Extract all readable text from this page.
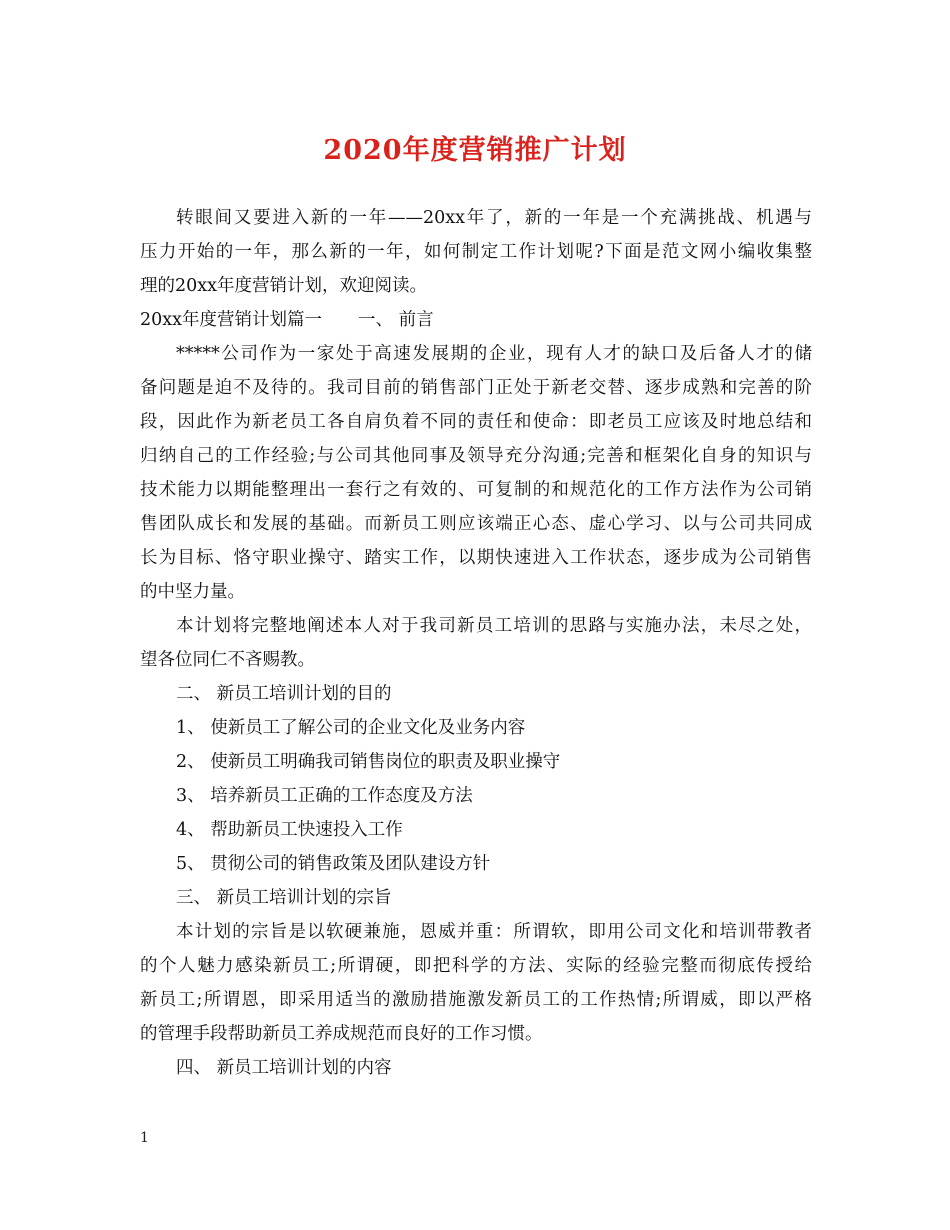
2020年度营销推广计划

转眼间又要进入新的一年——20xx年了，新的一年是一个充满挑战、机遇与

压力开始的一年，那么新的一年，如何制定工作计划呢?下面是范文网小编收集整

理的20xx年度营销计划，欢迎阅读。

20xx年度营销计划篇一 一、 前言

*****公司作为一家处于高速发展期的企业，现有人才的缺口及后备人才的储

备问题是迫不及待的。我司目前的销售部门正处于新老交替、逐步成熟和完善的阶

段，因此作为新老员工各自肩负着不同的责任和使命：即老员工应该及时地总结和

归纳自己的工作经验;与公司其他同事及领导充分沟通;完善和框架化自身的知识与

技术能力以期能整理出一套行之有效的、可复制的和规范化的工作方法作为公司销

售团队成长和发展的基础。而新员工则应该端正心态、虚心学习、以与公司共同成

长为目标、恪守职业操守、踏实工作，以期快速进入工作状态，逐步成为公司销售

的中坚力量。

本计划将完整地阐述本人对于我司新员工培训的思路与实施办法，未尽之处，

望各位同仁不吝赐教。

二、 新员工培训计划的目的

1、 使新员工了解公司的企业文化及业务内容

2、 使新员工明确我司销售岗位的职责及职业操守

3、 培养新员工正确的工作态度及方法

4、 帮助新员工快速投入工作

5、 贯彻公司的销售政策及团队建设方针

三、 新员工培训计划的宗旨

本计划的宗旨是以软硬兼施，恩威并重：所谓软，即用公司文化和培训带教者

的个人魅力感染新员工;所谓硬，即把科学的方法、实际的经验完整而彻底传授给

新员工;所谓恩，即采用适当的激励措施激发新员工的工作热情;所谓威，即以严格

的管理手段帮助新员工养成规范而良好的工作习惯。

四、 新员工培训计划的内容

1
